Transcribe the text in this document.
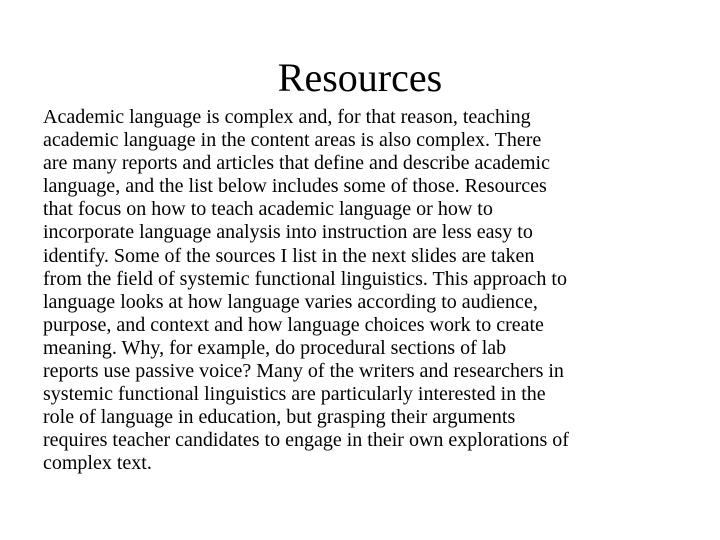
Resources

Academic language is complex and, for that reason, teaching
academic language in the content areas is also complex. There
are many reports and articles that define and describe academic
language, and the list below includes some of those. Resources
that focus on how to teach academic language or how to
incorporate language analysis into instruction are less easy to
identify. Some of the sources I list in the next slides are taken
from the field of systemic functional linguistics. This approach to
language looks at how language varies according to audience,
purpose, and context and how language choices work to create
meaning. Why, for example, do procedural sections of lab
reports use passive voice? Many of the writers and researchers in
systemic functional linguistics are particularly interested in the
role of language in education, but grasping their arguments
requires teacher candidates to engage in their own explorations of
complex text.
